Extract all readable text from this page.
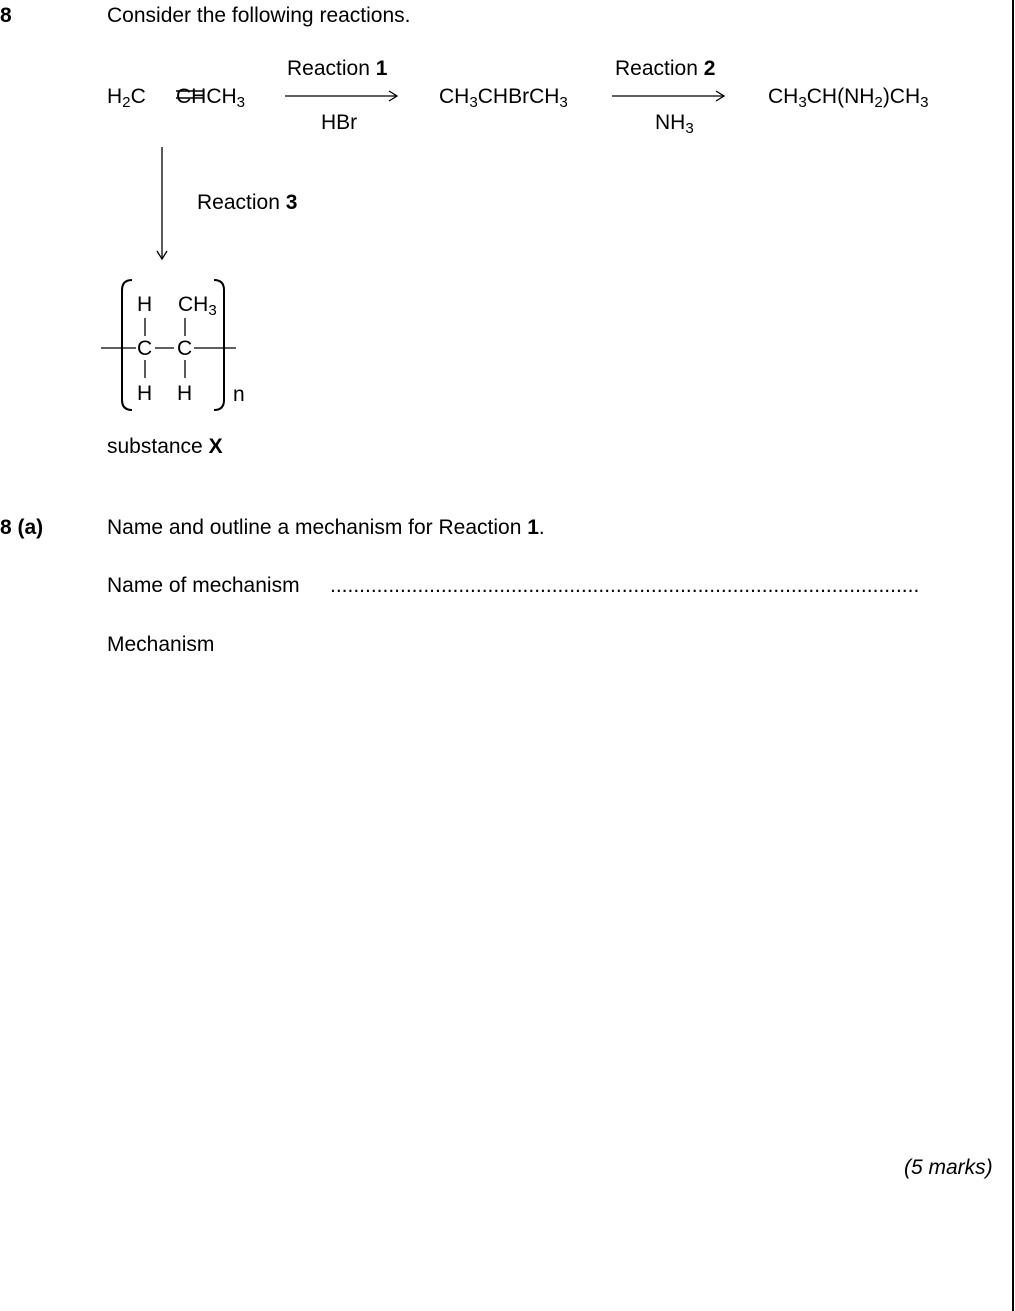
8	Consider the following reactions.
$H_2C$ $CHCH_3$
Reaction 1
HBr
$CH_3CHBrCH_3$
Reaction 2
$NH_3$
$CH_3CH(NH_2)CH_3$
Reaction 3
H $CH_3$
C C
H H n
substance X
8 (a)	Name and outline a mechanism for Reaction 1.
Name of mechanism .....................................................................................................
Mechanism
(5 marks)
